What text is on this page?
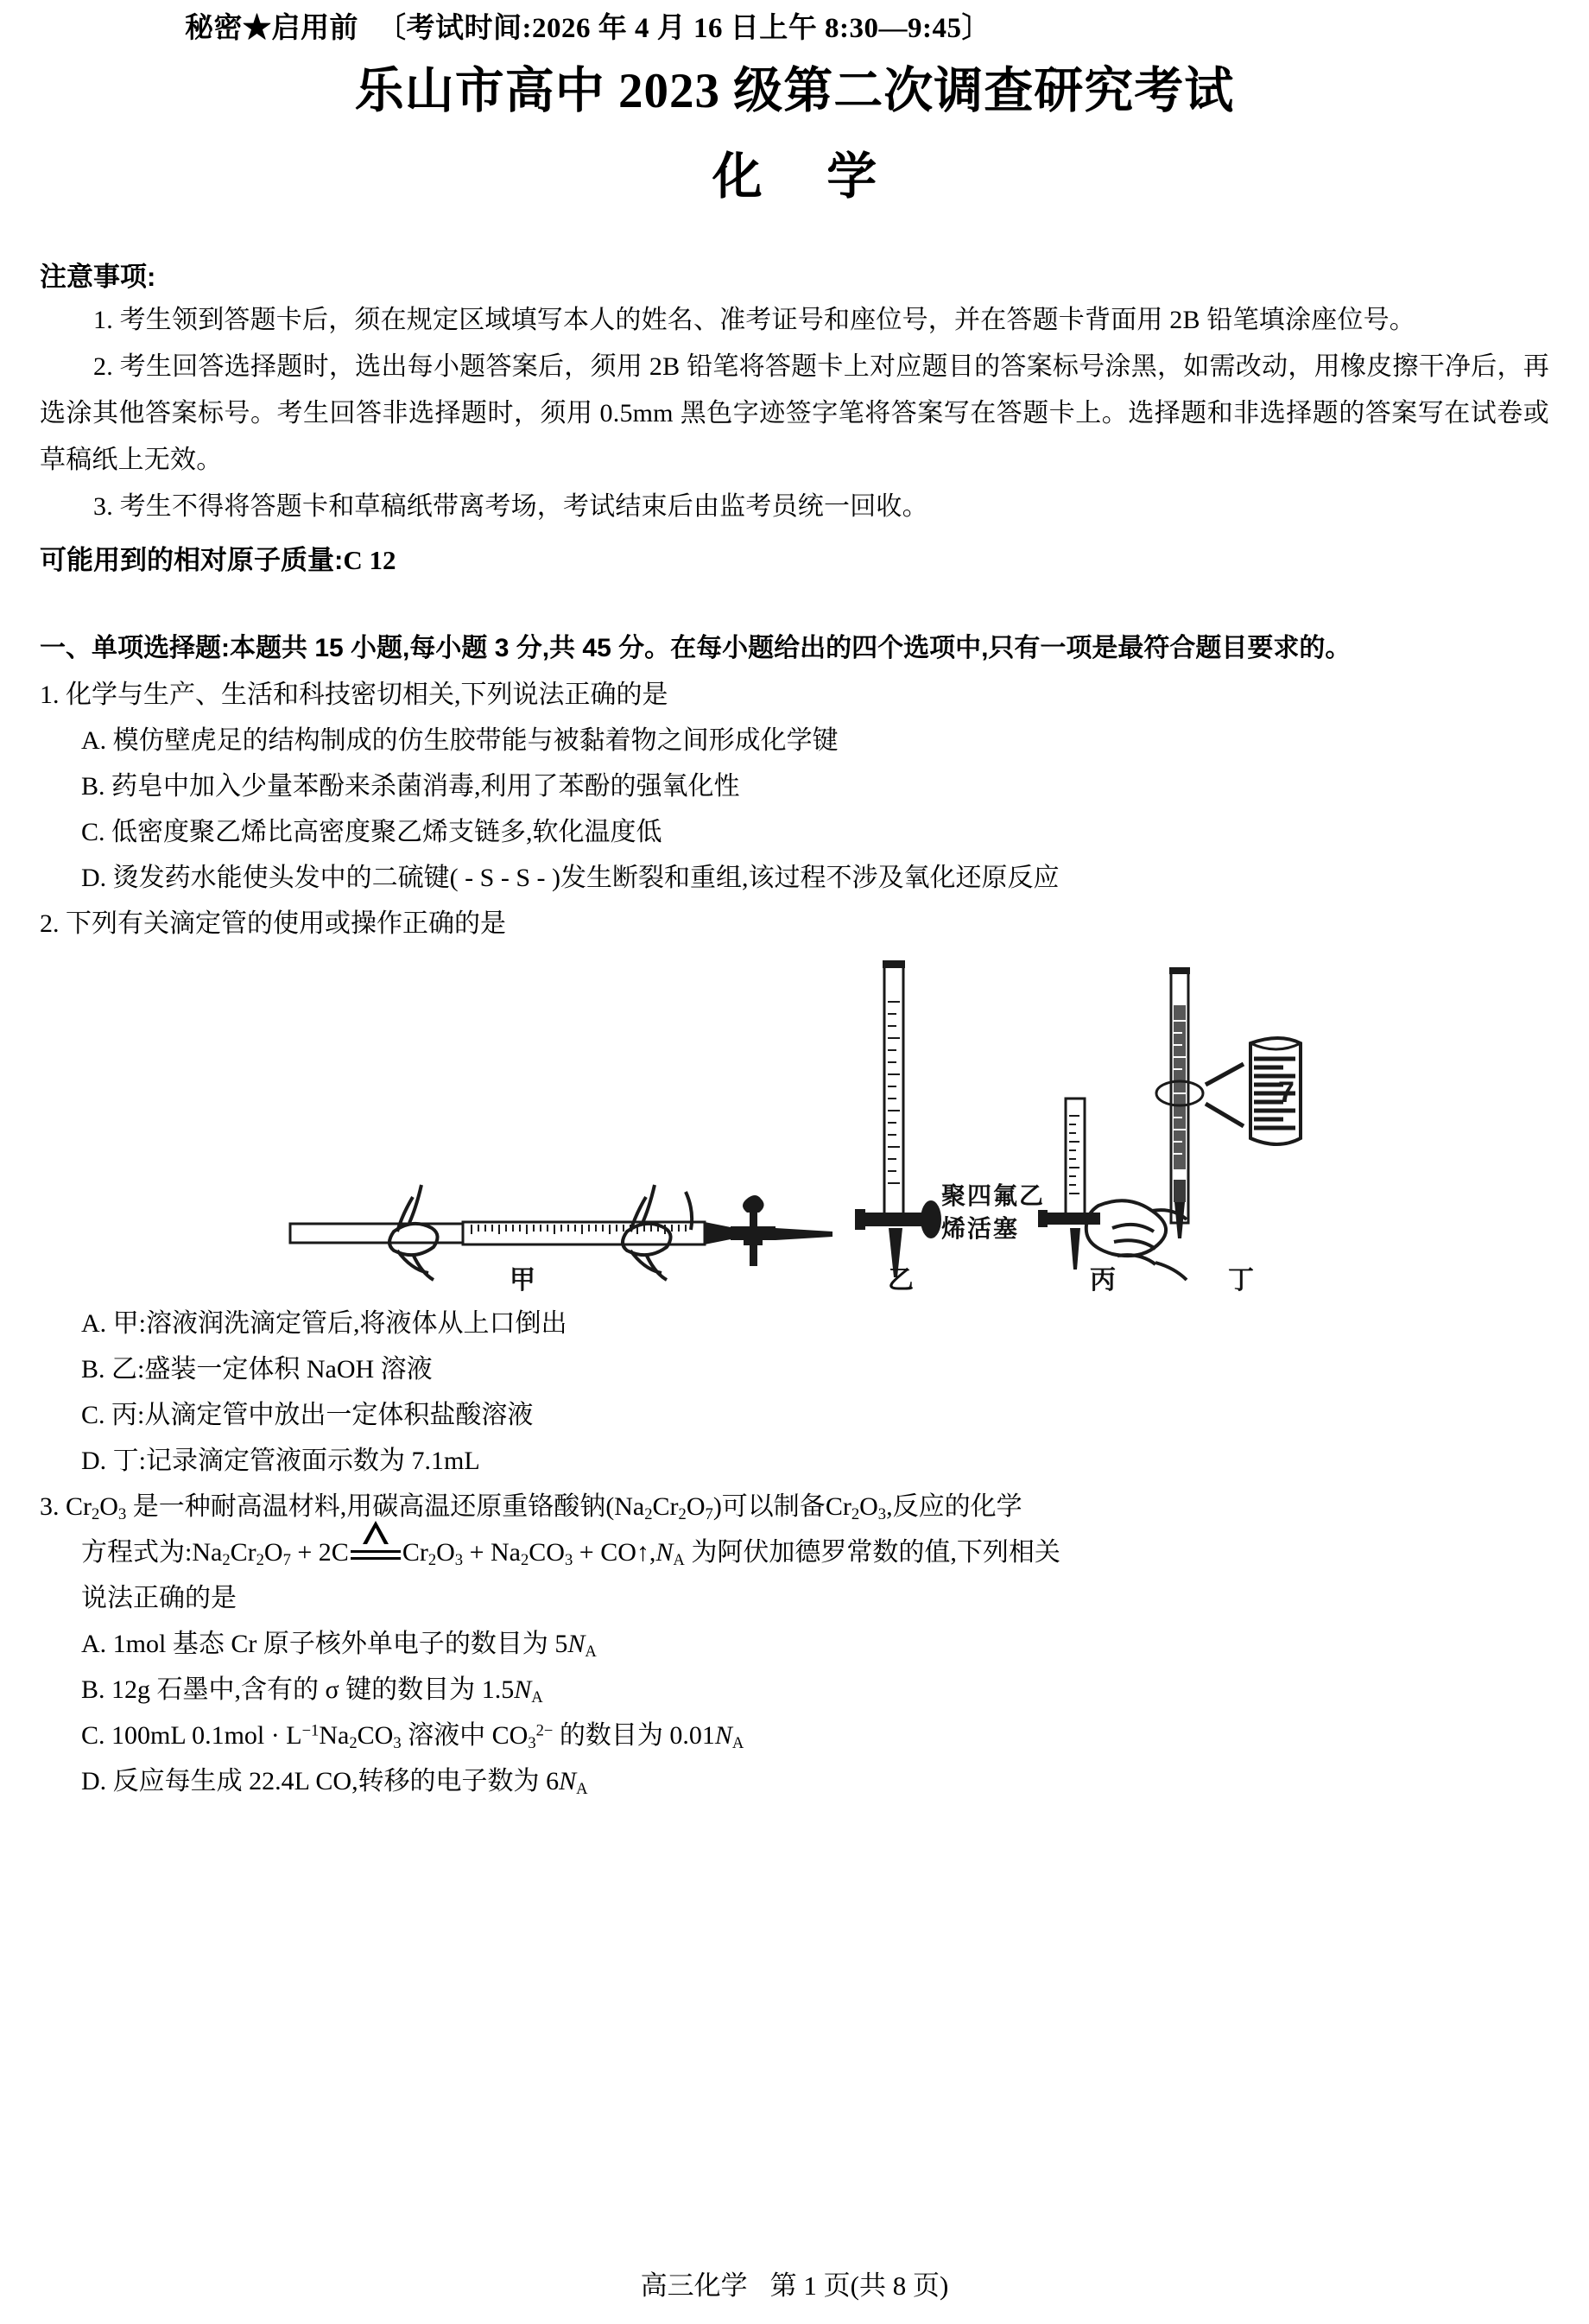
秘密★启用前 〔考试时间:2026 年 4 月 16 日上午 8:30—9:45〕
乐山市高中 2023 级第二次调查研究考试
化 学
注意事项:
1. 考生领到答题卡后，须在规定区域填写本人的姓名、准考证号和座位号，并在答题卡背面用 2B 铅笔填涂座位号。
2. 考生回答选择题时，选出每小题答案后，须用 2B 铅笔将答题卡上对应题目的答案标号涂黑，如需改动，用橡皮擦干净后，再选涂其他答案标号。考生回答非选择题时，须用 0.5mm 黑色字迹签字笔将答案写在答题卡上。选择题和非选择题的答案写在试卷或草稿纸上无效。
3. 考生不得将答题卡和草稿纸带离考场，考试结束后由监考员统一回收。
可能用到的相对原子质量:C 12
一、单项选择题:本题共 15 小题,每小题 3 分,共 45 分。在每小题给出的四个选项中,只有一项是最符合题目要求的。
1. 化学与生产、生活和科技密切相关,下列说法正确的是
A. 模仿壁虎足的结构制成的仿生胶带能与被黏着物之间形成化学键
B. 药皂中加入少量苯酚来杀菌消毒,利用了苯酚的强氧化性
C. 低密度聚乙烯比高密度聚乙烯支链多,软化温度低
D. 烫发药水能使头发中的二硫键( - S - S - )发生断裂和重组,该过程不涉及氧化还原反应
2. 下列有关滴定管的使用或操作正确的是
7
聚四氟乙
烯活塞
甲	乙	丙	丁
A. 甲:溶液润洗滴定管后,将液体从上口倒出
B. 乙:盛装一定体积 NaOH 溶液
C. 丙:从滴定管中放出一定体积盐酸溶液
D. 丁:记录滴定管液面示数为 7.1mL
3. $Cr_2O_3$ 是一种耐高温材料,用碳高温还原重铬酸钠$(Na_2Cr_2O_7)$可以制备$Cr_2O_3$,反应的化学
方程式为$:Na_2Cr_2O_7 + 2C$ $Cr_2O_3 + Na_2CO_3$ + $CO↑,N_A$ 为阿伏加德罗常数的值,下列相关
说法正确的是
A. 1mol 基态 Cr 原子核外单电子的数目为 $5N_A$
B. 12g 石墨中,含有的 σ 键的数目为 $1.5N_A$
C. 100mL $0.1mol \cdot L^{-1}Na_2CO_3$ 溶液中 $CO_3^{2-}$ 的数目为 $0.01N_A$
D. 反应每生成 22.4L CO,转移的电子数为 $6N_A$
高三化学 第 1 页(共 8 页)
